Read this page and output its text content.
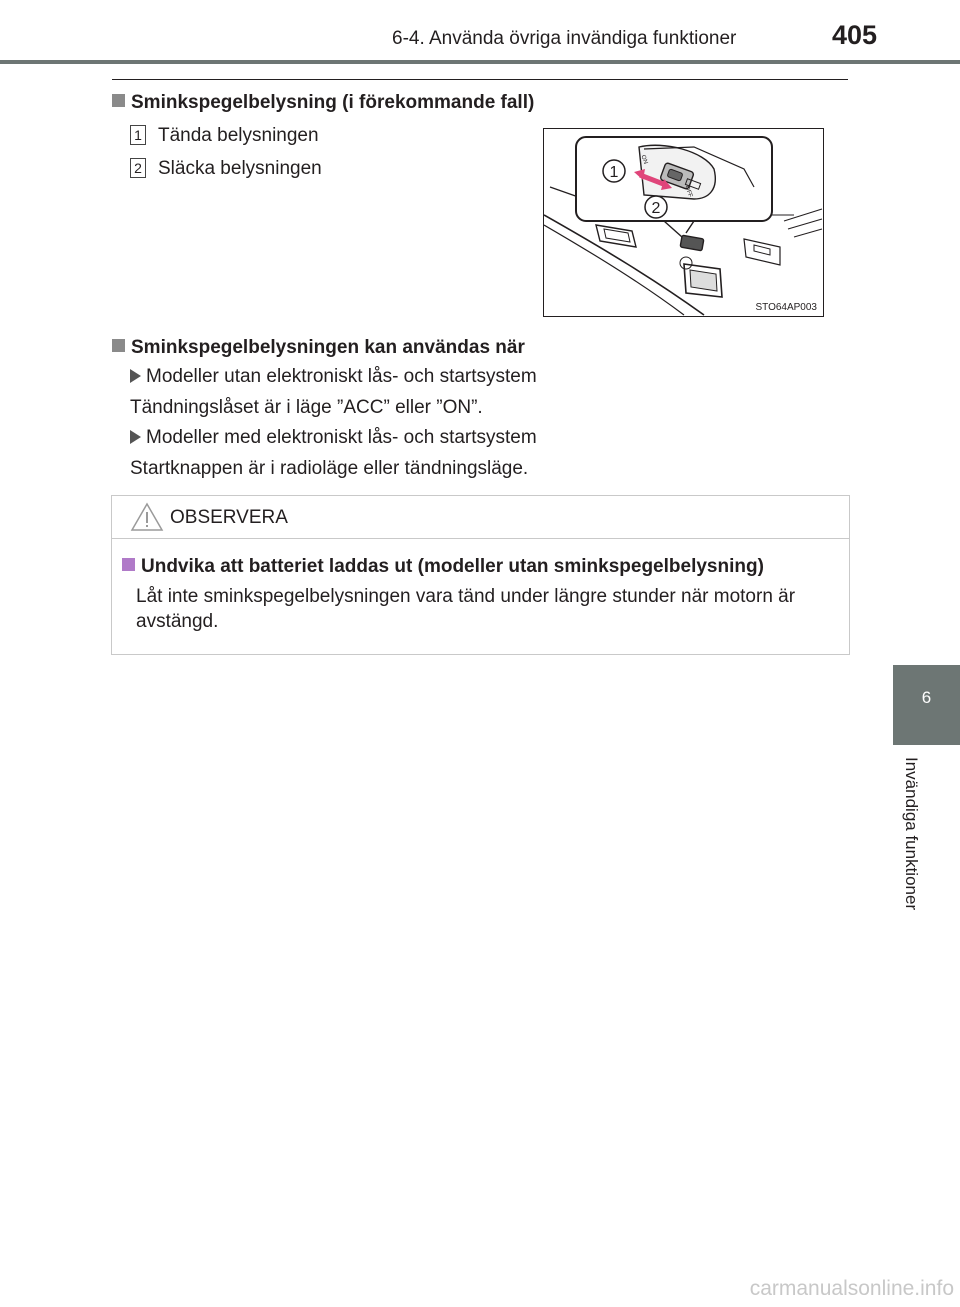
6-4. Använda övriga invändiga funktioner	405
Sminkspegelbelysning (i förekommande fall)
1 Tända belysningen
2 Släcka belysningen	ON
OFF
1
2
STO64AP003
Sminkspegelbelysningen kan användas när
Modeller utan elektroniskt lås- och startsystem
Tändningslåset är i läge ”ACC” eller ”ON”.
Modeller med elektroniskt lås- och startsystem
Startknappen är i radioläge eller tändningsläge.
OBSERVERA
Undvika att batteriet laddas ut (modeller utan sminkspegelbelysning)
Låt inte sminkspegelbelysningen vara tänd under längre stunder när motorn är avstängd.
6
Invändiga funktioner
carmanualsonline.info
